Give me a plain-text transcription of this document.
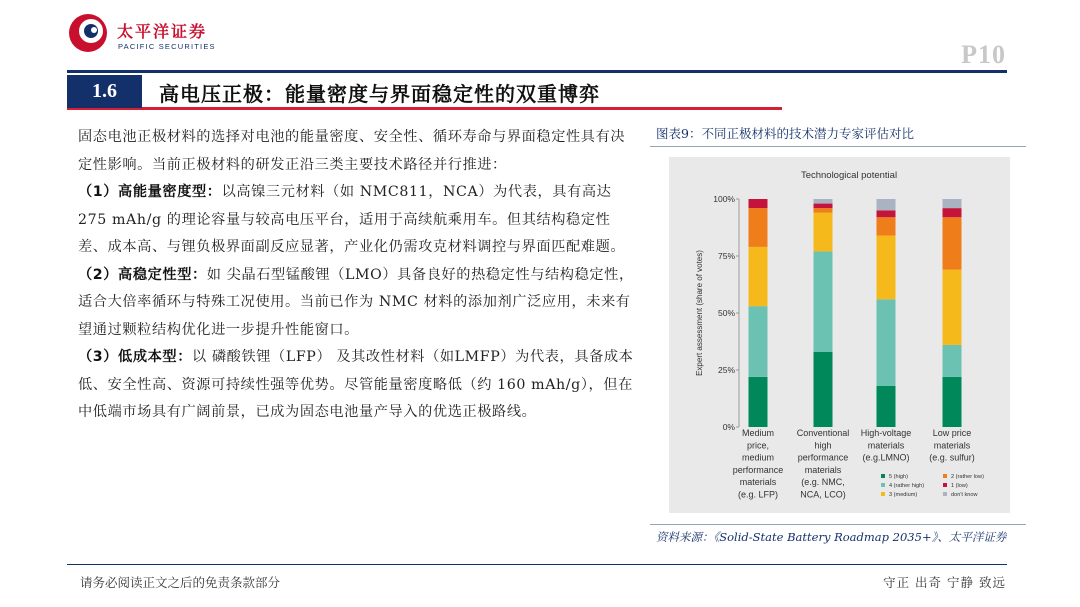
太平洋证券
PACIFIC SECURITIES	P10
1.6	高电压正极：能量密度与界面稳定性的双重博弈

固态电池正极材料的选择对电池的能量密度、安全性、循环寿命与界面稳定性具有决定性影响。当前正极材料的研发正沿三类主要技术路径并行推进：

（1）高能量密度型：以高镍三元材料（如 NMC811，NCA）为代表，具有高达 275 mAh/g 的理论容量与较高电压平台，适用于高续航乘用车。但其结构稳定性差、成本高、与锂负极界面副反应显著，产业化仍需攻克材料调控与界面匹配难题。

（2）高稳定性型：如 尖晶石型锰酸锂（LMO）具备良好的热稳定性与结构稳定性，适合大倍率循环与特殊工况使用。当前已作为 NMC 材料的添加剂广泛应用，未来有望通过颗粒结构优化进一步提升性能窗口。

（3）低成本型：以 磷酸铁锂（LFP） 及其改性材料（如LMFP）为代表，具备成本低、安全性高、资源可持续性强等优势。尽管能量密度略低（约 160 mAh/g），但在中低端市场具有广阔前景，已成为固态电池量产导入的优选正极路线。

图表9：不同正极材料的技术潜力专家评估对比
Technological potential
Expert assessment (share of votes)
0%
25%
50%
75%
100%
Medium
price,
medium
performance
materials
(e.g. LFP)
Conventional
high
performance
materials
(e.g. NMC,
NCA, LCO)
High-voltage
materials
(e.g.LMNO)
Low price
materials
(e.g. sulfur)
5 (high)
4 (rather high)
3 (medium)
2 (rather low)
1 (low)
don't know
资料来源：《Solid-State Battery Roadmap 2035+》、太平洋证券
请务必阅读正文之后的免责条款部分	守正 出奇 宁静 致远
